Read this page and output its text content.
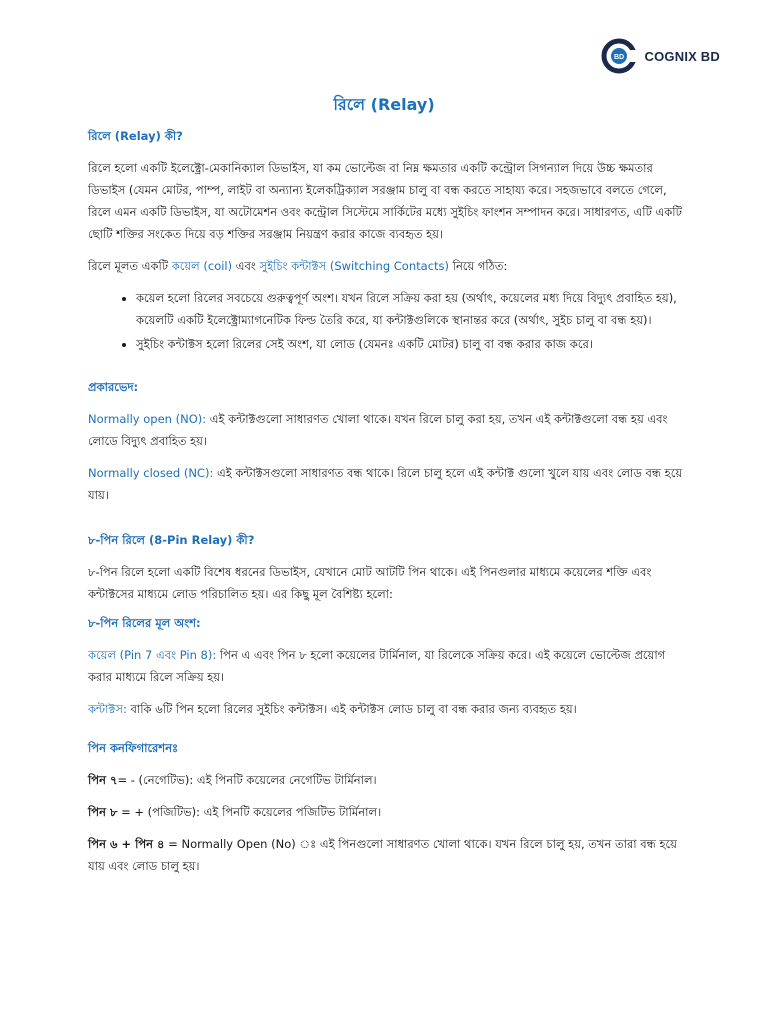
BD COGNIX BD
রিলে (Relay)
রিলে (Relay) কী?

রিলে হলো একটি ইলেক্ট্রো-মেকানিক্যাল ডিভাইস, যা কম ভোল্টেজ বা নিম্ন ক্ষমতার একটি কন্ট্রোল সিগন্যাল দিয়ে উচ্চ ক্ষমতার ডিভাইস (যেমন মোটর, পাম্প, লাইট বা অন্যান্য ইলেকট্রিক্যাল সরঞ্জাম চালু বা বন্ধ করতে সাহায্য করে। সহজভাবে বলতে গেলে, রিলে এমন একটি ডিভাইস, যা অটোমেশন ওবং কন্ট্রোল সিস্টেমে সার্কিটের মধ্যে সুইচিং ফাংশন সম্পাদন করে। সাধারণত, এটি একটি ছোটি শক্তির সংকেত দিয়ে বড় শক্তির সরঞ্জাম নিয়ন্ত্রণ করার কাজে ব্যবহৃত হয়।

রিলে মূলত একটি কয়েল (coil) এবং সুইচিং কন্টাক্টস (Switching Contacts) নিয়ে গঠিত:

• কয়েল হলো রিলের সবচেয়ে গুরুত্বপূর্ণ অংশ। যখন রিলে সক্রিয় করা হয় (অর্থাৎ, কয়েলের মধ্য দিয়ে বিদ্যুৎ প্রবাহিত হয়), কয়েলটি একটি ইলেক্ট্রোম্যাগনেটিক ফিল্ড তৈরি করে, যা কন্টাক্টগুলিকে স্থানান্তর করে (অর্থাৎ, সুইচ চালু বা বন্ধ হয়)।
• সুইচিং কন্টাক্টস হলো রিলের সেই অংশ, যা লোড (যেমনঃ একটি মোটর) চালু বা বন্ধ করার কাজ করে।
প্রকারভেদ:

Normally open (NO): এই কন্টাক্টগুলো সাধারণত খোলা থাকে। যখন রিলে চালু করা হয়, তখন এই কন্টাক্টগুলো বন্ধ হয় এবং লোডে বিদ্যুৎ প্রবাহিত হয়।

Normally closed (NC): এই কন্টাক্টসগুলো সাধারণত বন্ধ থাকে। রিলে চালু হলে এই কন্টাক্ট গুলো খুলে যায় এবং লোড বন্ধ হয়ে যায়।

৮-পিন রিলে (8-Pin Relay) কী?

৮-পিন রিলে হলো একটি বিশেষ ধরনের ডিভাইস, যেখানে মোট আটটি পিন থাকে। এই পিনগুলার মাধ্যমে কয়েলের শক্তি এবং কন্টাক্টসের মাধ্যমে লোড পরিচালিত হয়। এর কিছু মূল বৈশিষ্ট্য হলো:

৮-পিন রিলের মূল অংশ:

কয়েল (Pin 7 এবং Pin 8): পিন এ এবং পিন ৮ হলো কয়েলের টার্মিনাল, যা রিলেকে সক্রিয় করে। এই কয়েলে ভোল্টেজ প্রয়োগ করার মাধ্যমে রিলে সক্রিয় হয়।

কন্টাক্টস: বাকি ৬টি পিন হলো রিলের সুইচিং কন্টাক্টস। এই কন্টাক্টস লোড চালু বা বন্ধ করার জন্য ব্যবহৃত হয়।

পিন কনফিগারেশনঃ

পিন ৭= - (নেগেটিভ): এই পিনটি কয়েলের নেগেটিভ টার্মিনাল।

পিন ৮ = + (পজিটিভ): এই পিনটি কয়েলের পজিটিভ টার্মিনাল।

পিন ৬ + পিন ৪ = Normally Open (No) ঃ এই পিনগুলো সাধারণত খোলা থাকে। যখন রিলে চালু হয়, তখন তারা বন্ধ হয়ে যায় এবং লোড চালু হয়।
